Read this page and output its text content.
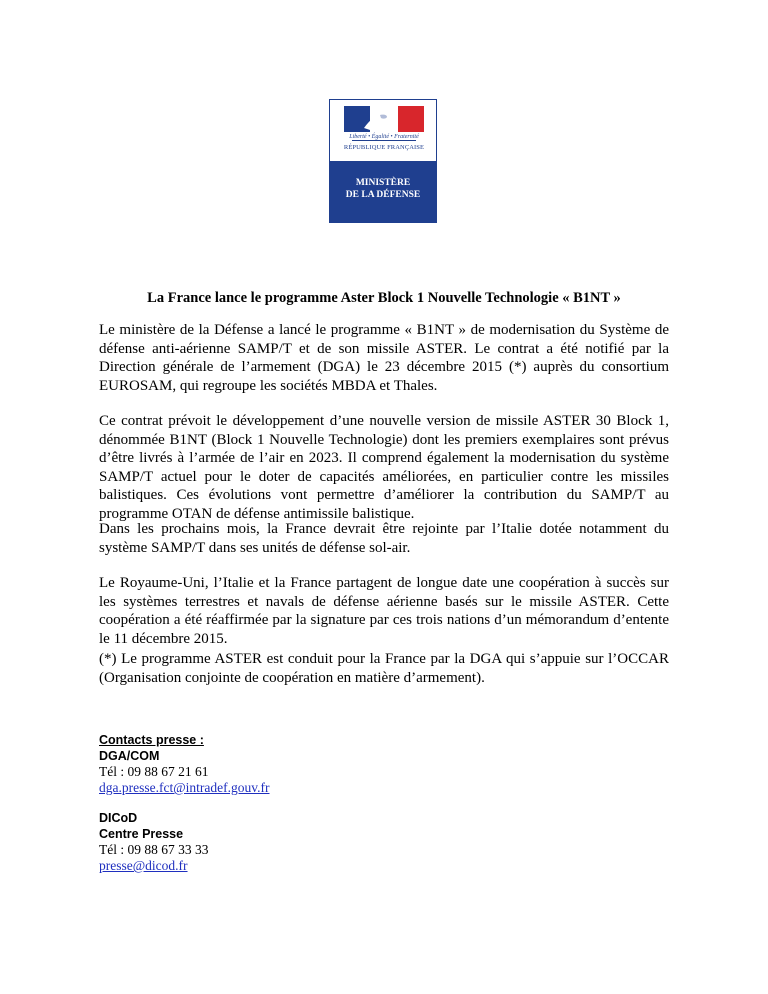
Liberté • Égalité • Fraternité
RÉPUBLIQUE FRANÇAISE
MINISTÈRE
DE LA DÉFENSE
La France lance le programme Aster Block 1 Nouvelle Technologie « B1NT »

Le ministère de la Défense a lancé le programme « B1NT » de modernisation du Système de défense anti-aérienne SAMP/T et de son missile ASTER. Le contrat a été notifié par la Direction générale de l’armement (DGA) le 23 décembre 2015 (*) auprès du consortium EUROSAM, qui regroupe les sociétés MBDA et Thales.

Ce contrat prévoit le développement d’une nouvelle version de missile ASTER 30 Block 1, dénommée B1NT (Block 1 Nouvelle Technologie) dont les premiers exemplaires sont prévus d’être livrés à l’armée de l’air en 2023. Il comprend également la modernisation du système SAMP/T actuel pour le doter de capacités améliorées, en particulier contre les missiles balistiques. Ces évolutions vont permettre d’améliorer la contribution du SAMP/T au programme OTAN de défense antimissile balistique.

Dans les prochains mois, la France devrait être rejointe par l’Italie dotée notamment du système SAMP/T dans ses unités de défense sol-air.

Le Royaume-Uni, l’Italie et la France partagent de longue date une coopération à succès sur les systèmes terrestres et navals de défense aérienne basés sur le missile ASTER. Cette coopération a été réaffirmée par la signature par ces trois nations d’un mémorandum d’entente le 11 décembre 2015.

(*) Le programme ASTER est conduit pour la France par la DGA qui s’appuie sur l’OCCAR (Organisation conjointe de coopération en matière d’armement).

Contacts presse :
DGA/COM
Tél : 09 88 67 21 61
dga.presse.fct@intradef.gouv.fr
DICoD
Centre Presse
Tél : 09 88 67 33 33
presse@dicod.fr
